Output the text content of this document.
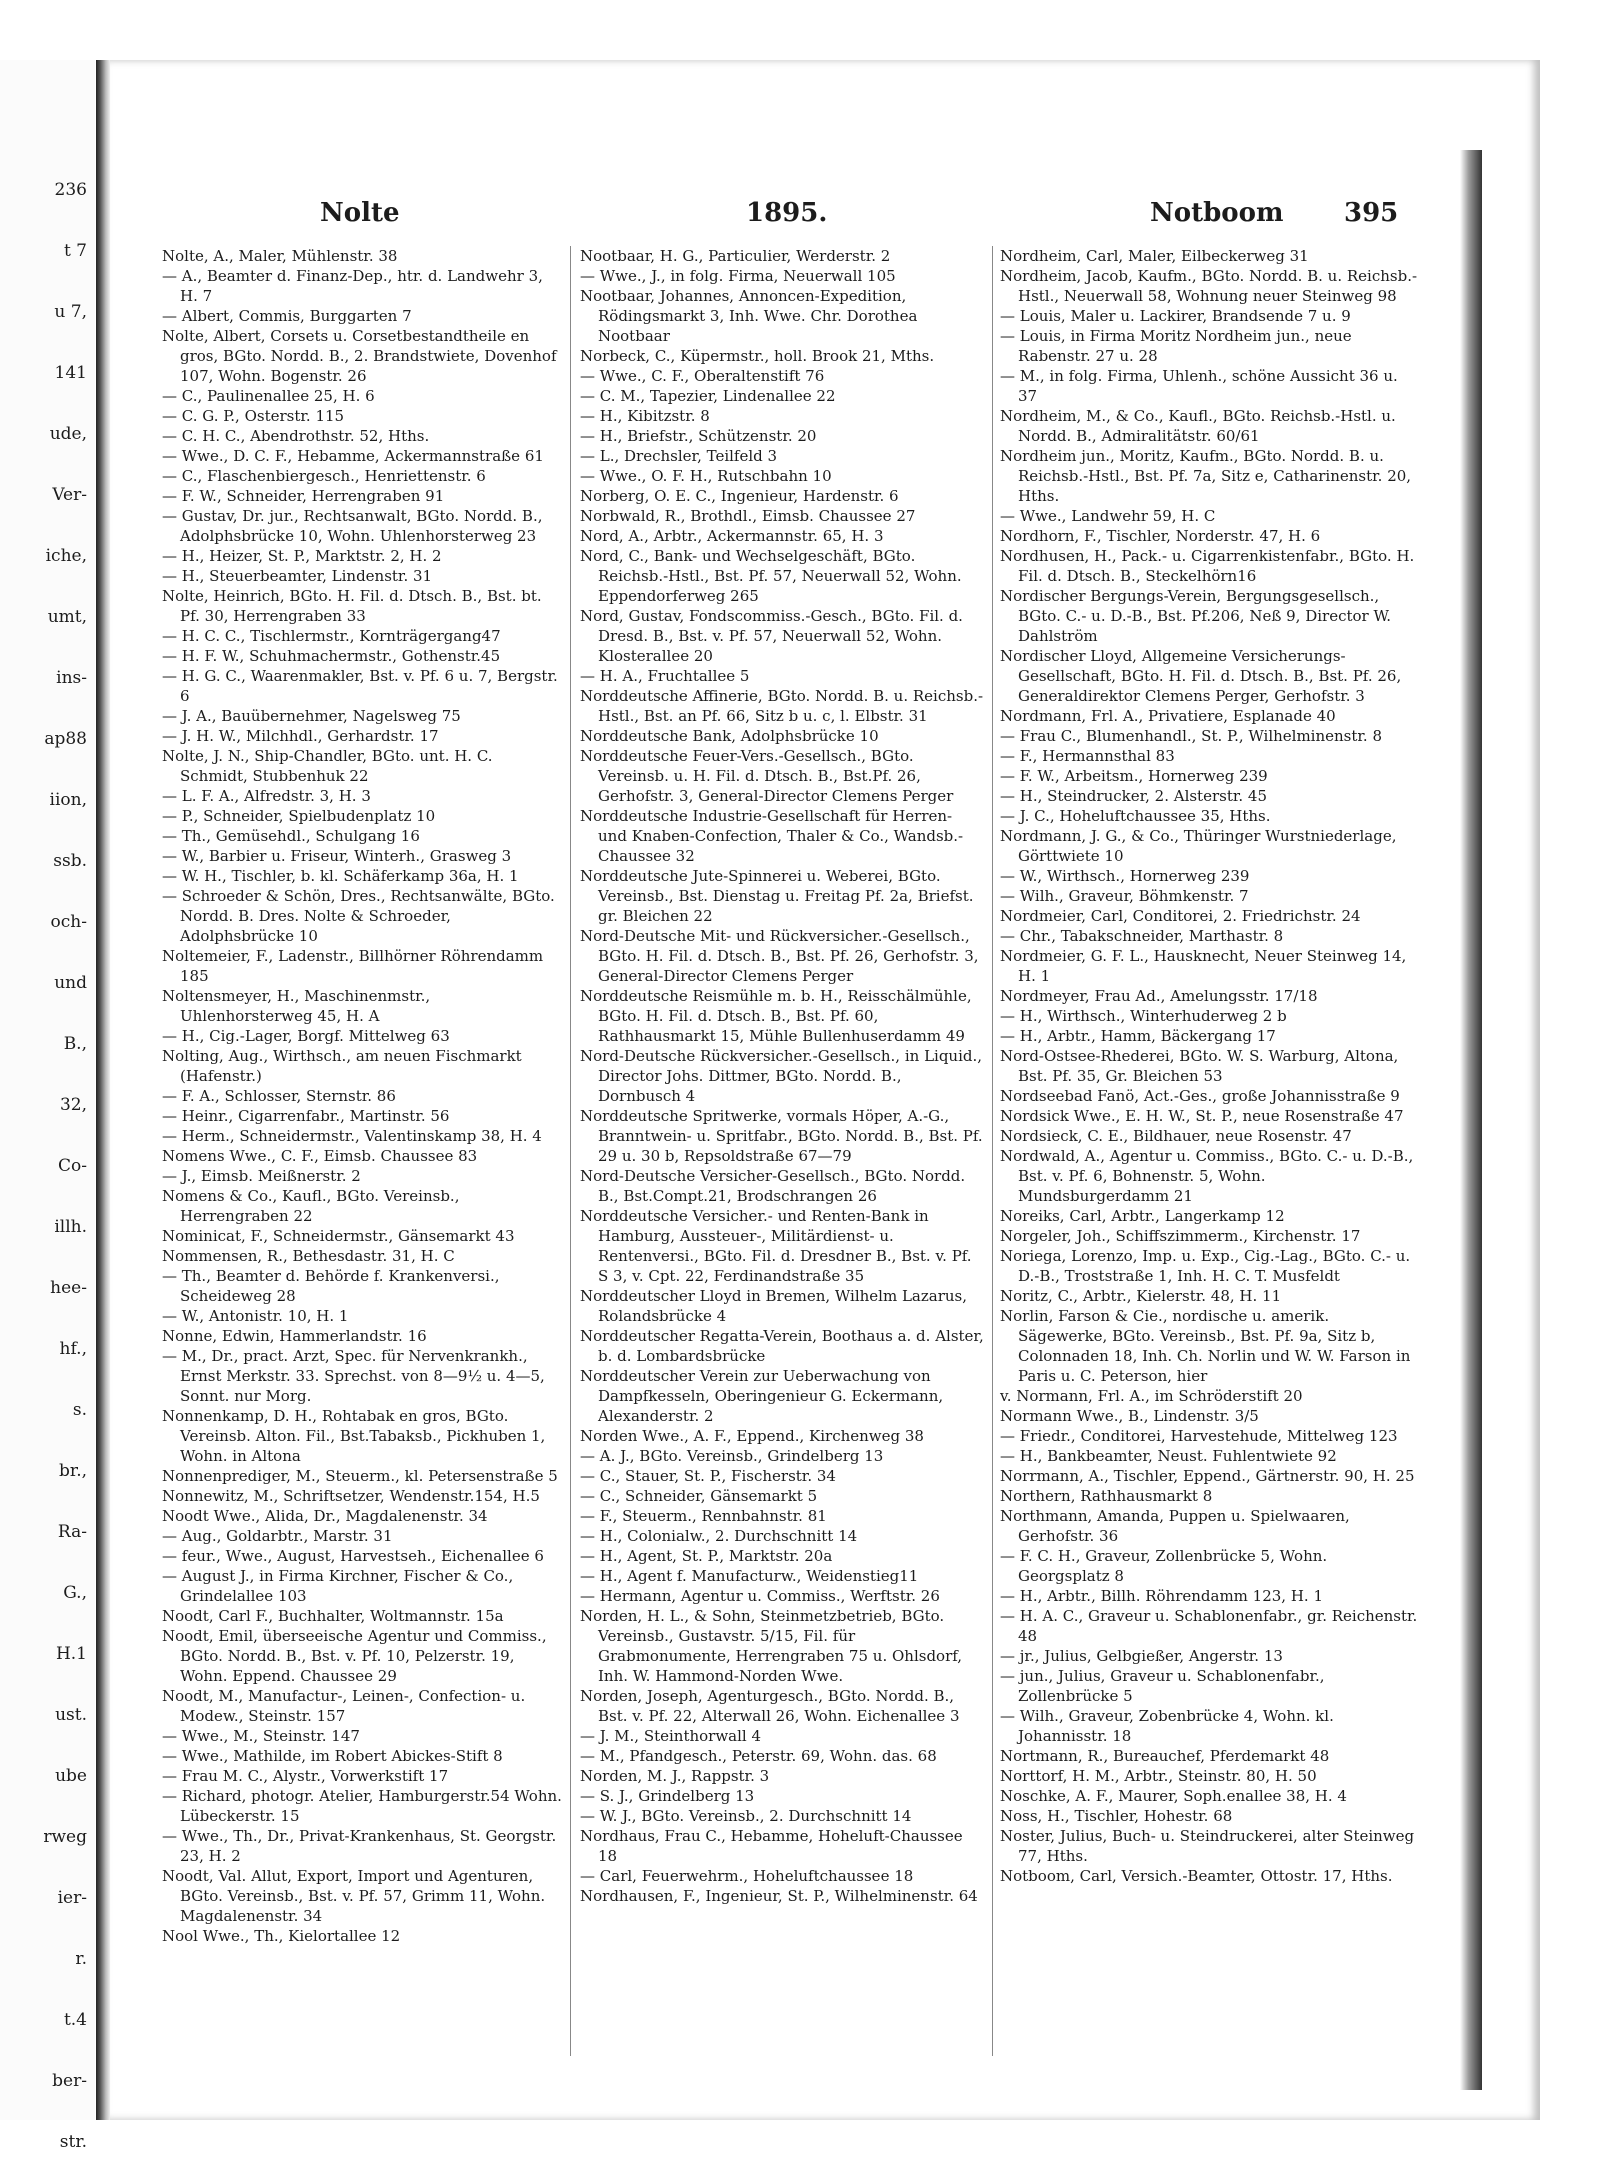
236
t 7
u 7,
141
ude,
Ver-
iche,
umt,
ins-
ap88
iion,
ssb.
och-
und
B.,
32,
Co-
illh.
hee-
hf.,
s.
br.,
Ra-
G.,
H.1
ust.
ube
rweg
ier-
r.
t.4
ber-
str.
Nolte	1895.	Notboom 395
Nolte, A., Maler, Mühlenstr. 38
— A., Beamter d. Finanz-Dep., htr. d. Landwehr 3, H. 7
— Albert, Commis, Burggarten 7
Nolte, Albert, Corsets u. Corsetbestandtheile en gros, BGto. Nordd. B., 2. Brandstwiete, Dovenhof 107, Wohn. Bogenstr. 26
— C., Paulinenallee 25, H. 6
— C. G. P., Osterstr. 115
— C. H. C., Abendrothstr. 52, Hths.
— Wwe., D. C. F., Hebamme, Ackermannstraße 61
— C., Flaschenbiergesch., Henriettenstr. 6
— F. W., Schneider, Herrengraben 91
— Gustav, Dr. jur., Rechtsanwalt, BGto. Nordd. B., Adolphsbrücke 10, Wohn. Uhlenhorsterweg 23
— H., Heizer, St. P., Marktstr. 2, H. 2
— H., Steuerbeamter, Lindenstr. 31
Nolte, Heinrich, BGto. H. Fil. d. Dtsch. B., Bst. bt. Pf. 30, Herrengraben 33
— H. C. C., Tischlermstr., Kornträgergang47
— H. F. W., Schuhmachermstr., Gothenstr.45
— H. G. C., Waarenmakler, Bst. v. Pf. 6 u. 7, Bergstr. 6
— J. A., Bauübernehmer, Nagelsweg 75
— J. H. W., Milchhdl., Gerhardstr. 17
Nolte, J. N., Ship-Chandler, BGto. unt. H. C. Schmidt, Stubbenhuk 22
— L. F. A., Alfredstr. 3, H. 3
— P., Schneider, Spielbudenplatz 10
— Th., Gemüsehdl., Schulgang 16
— W., Barbier u. Friseur, Winterh., Grasweg 3
— W. H., Tischler, b. kl. Schäferkamp 36a, H. 1
— Schroeder & Schön, Dres., Rechtsanwälte, BGto. Nordd. B. Dres. Nolte & Schroeder, Adolphsbrücke 10
Noltemeier, F., Ladenstr., Billhörner Röhrendamm 185
Noltensmeyer, H., Maschinenmstr., Uhlenhorsterweg 45, H. A
— H., Cig.-Lager, Borgf. Mittelweg 63
Nolting, Aug., Wirthsch., am neuen Fischmarkt (Hafenstr.)
— F. A., Schlosser, Sternstr. 86
— Heinr., Cigarrenfabr., Martinstr. 56
— Herm., Schneidermstr., Valentinskamp 38, H. 4
Nomens Wwe., C. F., Eimsb. Chaussee 83
— J., Eimsb. Meißnerstr. 2
Nomens & Co., Kaufl., BGto. Vereinsb., Herrengraben 22
Nominicat, F., Schneidermstr., Gänsemarkt 43
Nommensen, R., Bethesdastr. 31, H. C
— Th., Beamter d. Behörde f. Krankenversi., Scheideweg 28
— W., Antonistr. 10, H. 1
Nonne, Edwin, Hammerlandstr. 16
— M., Dr., pract. Arzt, Spec. für Nervenkrankh., Ernst Merkstr. 33. Sprechst. von 8—9½ u. 4—5, Sonnt. nur Morg.
Nonnenkamp, D. H., Rohtabak en gros, BGto. Vereinsb. Alton. Fil., Bst.Tabaksb., Pickhuben 1, Wohn. in Altona
Nonnenprediger, M., Steuerm., kl. Petersenstraße 5
Nonnewitz, M., Schriftsetzer, Wendenstr.154, H.5
Noodt Wwe., Alida, Dr., Magdalenenstr. 34
— Aug., Goldarbtr., Marstr. 31
— feur., Wwe., August, Harvestseh., Eichenallee 6
— August J., in Firma Kirchner, Fischer & Co., Grindelallee 103
Noodt, Carl F., Buchhalter, Woltmannstr. 15a
Noodt, Emil, überseeische Agentur und Commiss., BGto. Nordd. B., Bst. v. Pf. 10, Pelzerstr. 19, Wohn. Eppend. Chaussee 29
Noodt, M., Manufactur-, Leinen-, Confection- u. Modew., Steinstr. 157
— Wwe., M., Steinstr. 147
— Wwe., Mathilde, im Robert Abickes-Stift 8
— Frau M. C., Alystr., Vorwerkstift 17
— Richard, photogr. Atelier, Hamburgerstr.54 Wohn. Lübeckerstr. 15
— Wwe., Th., Dr., Privat-Krankenhaus, St. Georgstr. 23, H. 2
Noodt, Val. Allut, Export, Import und Agenturen, BGto. Vereinsb., Bst. v. Pf. 57, Grimm 11, Wohn. Magdalenenstr. 34
Nool Wwe., Th., Kielortallee 12
Nootbaar, H. G., Particulier, Werderstr. 2
— Wwe., J., in folg. Firma, Neuerwall 105
Nootbaar, Johannes, Annoncen-Expedition, Rödingsmarkt 3, Inh. Wwe. Chr. Dorothea Nootbaar
Norbeck, C., Küpermstr., holl. Brook 21, Mths.
— Wwe., C. F., Oberaltenstift 76
— C. M., Tapezier, Lindenallee 22
— H., Kibitzstr. 8
— H., Briefstr., Schützenstr. 20
— L., Drechsler, Teilfeld 3
— Wwe., O. F. H., Rutschbahn 10
Norberg, O. E. C., Ingenieur, Hardenstr. 6
Norbwald, R., Brothdl., Eimsb. Chaussee 27
Nord, A., Arbtr., Ackermannstr. 65, H. 3
Nord, C., Bank- und Wechselgeschäft, BGto. Reichsb.-Hstl., Bst. Pf. 57, Neuerwall 52, Wohn. Eppendorferweg 265
Nord, Gustav, Fondscommiss.-Gesch., BGto. Fil. d. Dresd. B., Bst. v. Pf. 57, Neuerwall 52, Wohn. Klosterallee 20
— H. A., Fruchtallee 5
Norddeutsche Affinerie, BGto. Nordd. B. u. Reichsb.-Hstl., Bst. an Pf. 66, Sitz b u. c, l. Elbstr. 31
Norddeutsche Bank, Adolphsbrücke 10
Norddeutsche Feuer-Vers.-Gesellsch., BGto. Vereinsb. u. H. Fil. d. Dtsch. B., Bst.Pf. 26, Gerhofstr. 3, General-Director Clemens Perger
Norddeutsche Industrie-Gesellschaft für Herren- und Knaben-Confection, Thaler & Co., Wandsb.-Chaussee 32
Norddeutsche Jute-Spinnerei u. Weberei, BGto. Vereinsb., Bst. Dienstag u. Freitag Pf. 2a, Briefst. gr. Bleichen 22
Nord-Deutsche Mit- und Rückversicher.-Gesellsch., BGto. H. Fil. d. Dtsch. B., Bst. Pf. 26, Gerhofstr. 3, General-Director Clemens Perger
Norddeutsche Reismühle m. b. H., Reisschälmühle, BGto. H. Fil. d. Dtsch. B., Bst. Pf. 60, Rathhausmarkt 15, Mühle Bullenhuserdamm 49
Nord-Deutsche Rückversicher.-Gesellsch., in Liquid., Director Johs. Dittmer, BGto. Nordd. B., Dornbusch 4
Norddeutsche Spritwerke, vormals Höper, A.-G., Branntwein- u. Spritfabr., BGto. Nordd. B., Bst. Pf. 29 u. 30 b, Repsoldstraße 67—79
Nord-Deutsche Versicher-Gesellsch., BGto. Nordd. B., Bst.Compt.21, Brodschrangen 26
Norddeutsche Versicher.- und Renten-Bank in Hamburg, Aussteuer-, Militärdienst- u. Rentenversi., BGto. Fil. d. Dresdner B., Bst. v. Pf. S 3, v. Cpt. 22, Ferdinandstraße 35
Norddeutscher Lloyd in Bremen, Wilhelm Lazarus, Rolandsbrücke 4
Norddeutscher Regatta-Verein, Boothaus a. d. Alster, b. d. Lombardsbrücke
Norddeutscher Verein zur Ueberwachung von Dampfkesseln, Oberingenieur G. Eckermann, Alexanderstr. 2
Norden Wwe., A. F., Eppend., Kirchenweg 38
— A. J., BGto. Vereinsb., Grindelberg 13
— C., Stauer, St. P., Fischerstr. 34
— C., Schneider, Gänsemarkt 5
— F., Steuerm., Rennbahnstr. 81
— H., Colonialw., 2. Durchschnitt 14
— H., Agent, St. P., Marktstr. 20a
— H., Agent f. Manufacturw., Weidenstieg11
— Hermann, Agentur u. Commiss., Werftstr. 26
Norden, H. L., & Sohn, Steinmetzbetrieb, BGto. Vereinsb., Gustavstr. 5/15, Fil. für Grabmonumente, Herrengraben 75 u. Ohlsdorf, Inh. W. Hammond-Norden Wwe.
Norden, Joseph, Agenturgesch., BGto. Nordd. B., Bst. v. Pf. 22, Alterwall 26, Wohn. Eichenallee 3
— J. M., Steinthorwall 4
— M., Pfandgesch., Peterstr. 69, Wohn. das. 68
Norden, M. J., Rappstr. 3
— S. J., Grindelberg 13
— W. J., BGto. Vereinsb., 2. Durchschnitt 14
Nordhaus, Frau C., Hebamme, Hoheluft-Chaussee 18
— Carl, Feuerwehrm., Hoheluftchaussee 18
Nordhausen, F., Ingenieur, St. P., Wilhelminenstr. 64
Nordheim, Carl, Maler, Eilbeckerweg 31
Nordheim, Jacob, Kaufm., BGto. Nordd. B. u. Reichsb.-Hstl., Neuerwall 58, Wohnung neuer Steinweg 98
— Louis, Maler u. Lackirer, Brandsende 7 u. 9
— Louis, in Firma Moritz Nordheim jun., neue Rabenstr. 27 u. 28
— M., in folg. Firma, Uhlenh., schöne Aussicht 36 u. 37
Nordheim, M., & Co., Kaufl., BGto. Reichsb.-Hstl. u. Nordd. B., Admiralitätstr. 60/61
Nordheim jun., Moritz, Kaufm., BGto. Nordd. B. u. Reichsb.-Hstl., Bst. Pf. 7a, Sitz e, Catharinenstr. 20, Hths.
— Wwe., Landwehr 59, H. C
Nordhorn, F., Tischler, Norderstr. 47, H. 6
Nordhusen, H., Pack.- u. Cigarrenkistenfabr., BGto. H. Fil. d. Dtsch. B., Steckelhörn16
Nordischer Bergungs-Verein, Bergungsgesellsch., BGto. C.- u. D.-B., Bst. Pf.206, Neß 9, Director W. Dahlström
Nordischer Lloyd, Allgemeine Versicherungs-Gesellschaft, BGto. H. Fil. d. Dtsch. B., Bst. Pf. 26, Generaldirektor Clemens Perger, Gerhofstr. 3
Nordmann, Frl. A., Privatiere, Esplanade 40
— Frau C., Blumenhandl., St. P., Wilhelminenstr. 8
— F., Hermannsthal 83
— F. W., Arbeitsm., Hornerweg 239
— H., Steindrucker, 2. Alsterstr. 45
— J. C., Hoheluftchaussee 35, Hths.
Nordmann, J. G., & Co., Thüringer Wurstniederlage, Görttwiete 10
— W., Wirthsch., Hornerweg 239
— Wilh., Graveur, Böhmkenstr. 7
Nordmeier, Carl, Conditorei, 2. Friedrichstr. 24
— Chr., Tabakschneider, Marthastr. 8
Nordmeier, G. F. L., Hausknecht, Neuer Steinweg 14, H. 1
Nordmeyer, Frau Ad., Amelungsstr. 17/18
— H., Wirthsch., Winterhuderweg 2 b
— H., Arbtr., Hamm, Bäckergang 17
Nord-Ostsee-Rhederei, BGto. W. S. Warburg, Altona, Bst. Pf. 35, Gr. Bleichen 53
Nordseebad Fanö, Act.-Ges., große Johannisstraße 9
Nordsick Wwe., E. H. W., St. P., neue Rosenstraße 47
Nordsieck, C. E., Bildhauer, neue Rosenstr. 47
Nordwald, A., Agentur u. Commiss., BGto. C.- u. D.-B., Bst. v. Pf. 6, Bohnenstr. 5, Wohn. Mundsburgerdamm 21
Noreiks, Carl, Arbtr., Langerkamp 12
Norgeler, Joh., Schiffszimmerm., Kirchenstr. 17
Noriega, Lorenzo, Imp. u. Exp., Cig.-Lag., BGto. C.- u. D.-B., Troststraße 1, Inh. H. C. T. Musfeldt
Noritz, C., Arbtr., Kielerstr. 48, H. 11
Norlin, Farson & Cie., nordische u. amerik. Sägewerke, BGto. Vereinsb., Bst. Pf. 9a, Sitz b, Colonnaden 18, Inh. Ch. Norlin und W. W. Farson in Paris u. C. Peterson, hier
v. Normann, Frl. A., im Schröderstift 20
Normann Wwe., B., Lindenstr. 3/5
— Friedr., Conditorei, Harvestehude, Mittelweg 123
— H., Bankbeamter, Neust. Fuhlentwiete 92
Norrmann, A., Tischler, Eppend., Gärtnerstr. 90, H. 25
Northern, Rathhausmarkt 8
Northmann, Amanda, Puppen u. Spielwaaren, Gerhofstr. 36
— F. C. H., Graveur, Zollenbrücke 5, Wohn. Georgsplatz 8
— H., Arbtr., Billh. Röhrendamm 123, H. 1
— H. A. C., Graveur u. Schablonenfabr., gr. Reichenstr. 48
— jr., Julius, Gelbgießer, Angerstr. 13
— jun., Julius, Graveur u. Schablonenfabr., Zollenbrücke 5
— Wilh., Graveur, Zobenbrücke 4, Wohn. kl. Johannisstr. 18
Nortmann, R., Bureauchef, Pferdemarkt 48
Norttorf, H. M., Arbtr., Steinstr. 80, H. 50
Noschke, A. F., Maurer, Soph.enallee 38, H. 4
Noss, H., Tischler, Hohestr. 68
Noster, Julius, Buch- u. Steindruckerei, alter Steinweg 77, Hths.
Notboom, Carl, Versich.-Beamter, Ottostr. 17, Hths.
